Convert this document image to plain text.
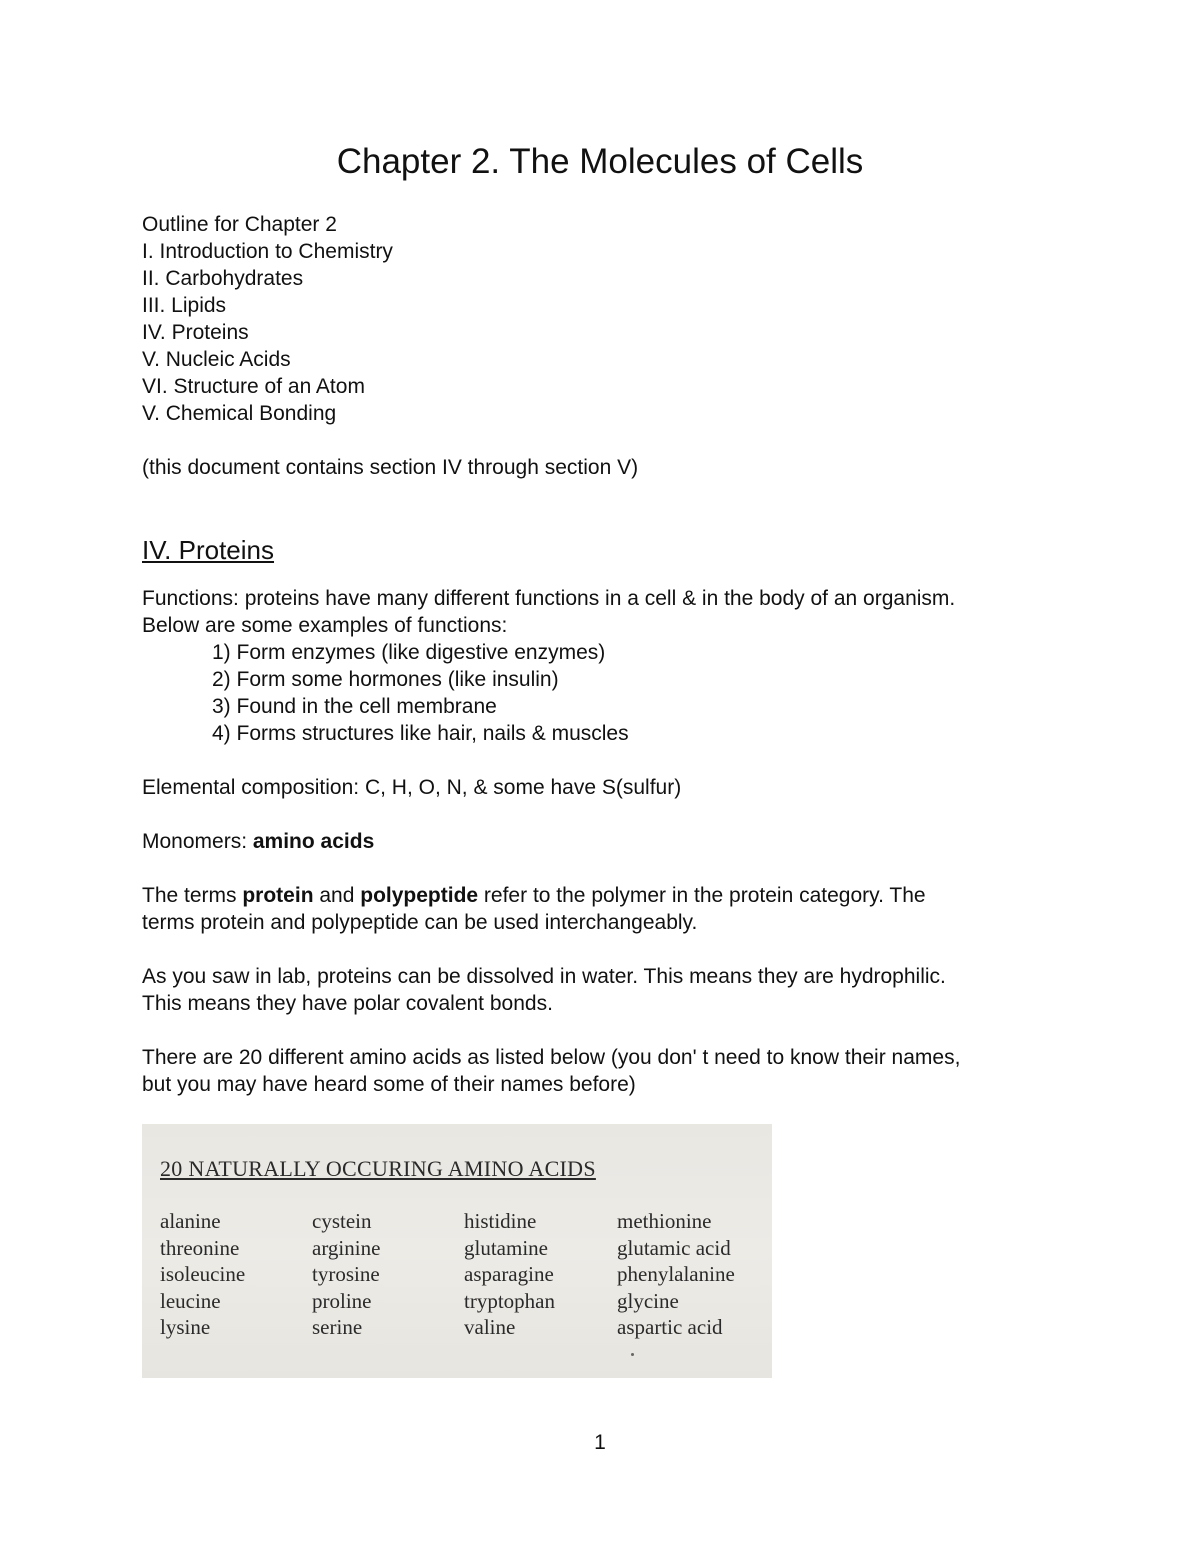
Chapter 2. The Molecules of Cells
Outline for Chapter 2
I. Introduction to Chemistry
II. Carbohydrates
III. Lipids
IV. Proteins
V. Nucleic Acids
VI. Structure of an Atom
V. Chemical Bonding
(this document contains section IV through section V)
IV. Proteins
Functions: proteins have many different functions in a cell & in the body of an organism.
Below are some examples of functions:
1) Form enzymes (like digestive enzymes)
2) Form some hormones (like insulin)
3) Found in the cell membrane
4) Forms structures like hair, nails & muscles
Elemental composition: C, H, O, N, & some have S(sulfur)
Monomers: amino acids
The terms protein and polypeptide refer to the polymer in the protein category. The
terms protein and polypeptide can be used interchangeably.
As you saw in lab, proteins can be dissolved in water. This means they are hydrophilic.
This means they have polar covalent bonds.
There are 20 different amino acids as listed below (you don' t need to know their names,
but you may have heard some of their names before)
20 NATURALLY OCCURING AMINO ACIDS
alanine
threonine
isoleucine
leucine
lysine
cystein
arginine
tyrosine
proline
serine
histidine
glutamine
asparagine
tryptophan
valine
methionine
glutamic acid
phenylalanine
glycine
aspartic acid
1
